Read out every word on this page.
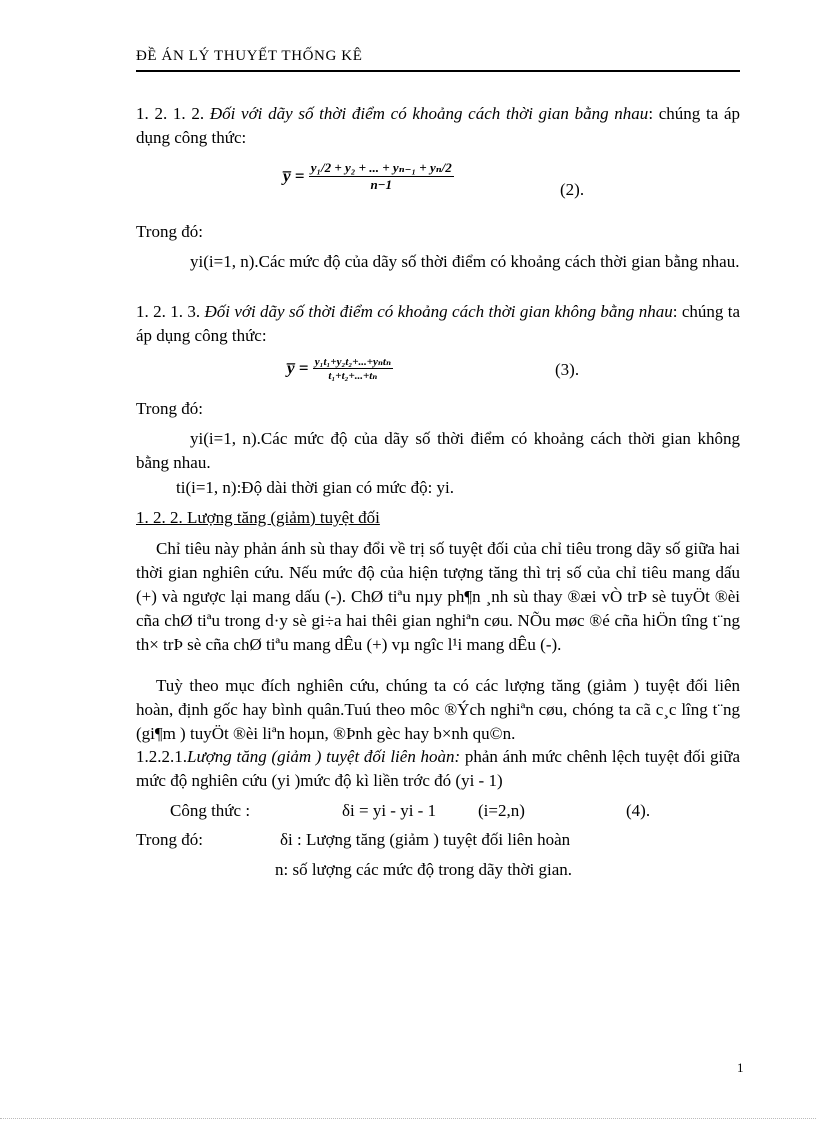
ĐỀ ÁN LÝ THUYẾT THỐNG KÊ
1. 2. 1. 2. Đối với dãy số thời điểm có khoảng cách thời gian bằng nhau: chúng ta áp dụng công thức:
y̅ = $\frac{\text{y₁/2 + y₂ + ... + yₙ₋₁ + yₙ/2}}{n-1}$	(2).
Trong đó:
yi(i=1, n).Các mức độ của dãy số thời điểm có khoảng cách thời gian bằng nhau.
1. 2. 1. 3. Đối với dãy số thời điểm có khoảng cách thời gian không bằng nhau: chúng ta áp dụng công thức:
y̅ = $\frac{\text{y₁t₁+y₂t₂+...+yₙtₙ}}{\text{t₁+t₂+...+tₙ}}$	(3).
Trong đó:
yi(i=1, n).Các mức độ của dãy số thời điểm có khoảng cách thời gian không bằng nhau.
ti(i=1, n):Độ dài thời gian có mức độ: yi.
1. 2. 2. Lượng tăng (giảm) tuyệt đối
Chỉ tiêu này phản ánh sù thay đổi về trị số tuyệt đối của chỉ tiêu trong dãy số giữa hai thời gian nghiên cứu. Nếu mức độ của hiện tượng tăng thì trị số của chỉ tiêu mang dấu (+) và ngược lại mang dấu (-). ChØ tiªu nµy ph¶n ¸nh sù thay ®æi vÒ trÞ sè tuyÖt ®èi cña chØ tiªu trong d·y sè gi÷a hai thêi gian nghiªn cøu. NÕu møc ®é cña hiÖn tîng t¨ng th× trÞ sè cña chØ tiªu mang dÊu (+) vµ ngîc l¹i mang dÊu (-).
Tuỳ theo mục đích nghiên cứu, chúng ta có các lượng tăng (giảm ) tuyệt đối liên hoàn, định gốc hay bình quân.Tuú theo môc ®Ých nghiªn cøu, chóng ta cã c¸c lîng t¨ng (gi¶m ) tuyÖt ®èi liªn hoµn, ®Þnh gèc hay b×nh qu©n.
1.2.2.1.Lượng tăng (giảm ) tuyệt đối liên hoàn: phản ánh mức chênh lệch tuyệt đối giữa mức độ nghiên cứu (yi )mức độ kì liền trớc đó (yi - 1)
Công thức :	δi = yi - yi - 1 (i=2,n)	(4).
Trong đó:	δi : Lượng tăng (giảm ) tuyệt đối liên hoàn
n: số lượng các mức độ trong dãy thời gian.
1
